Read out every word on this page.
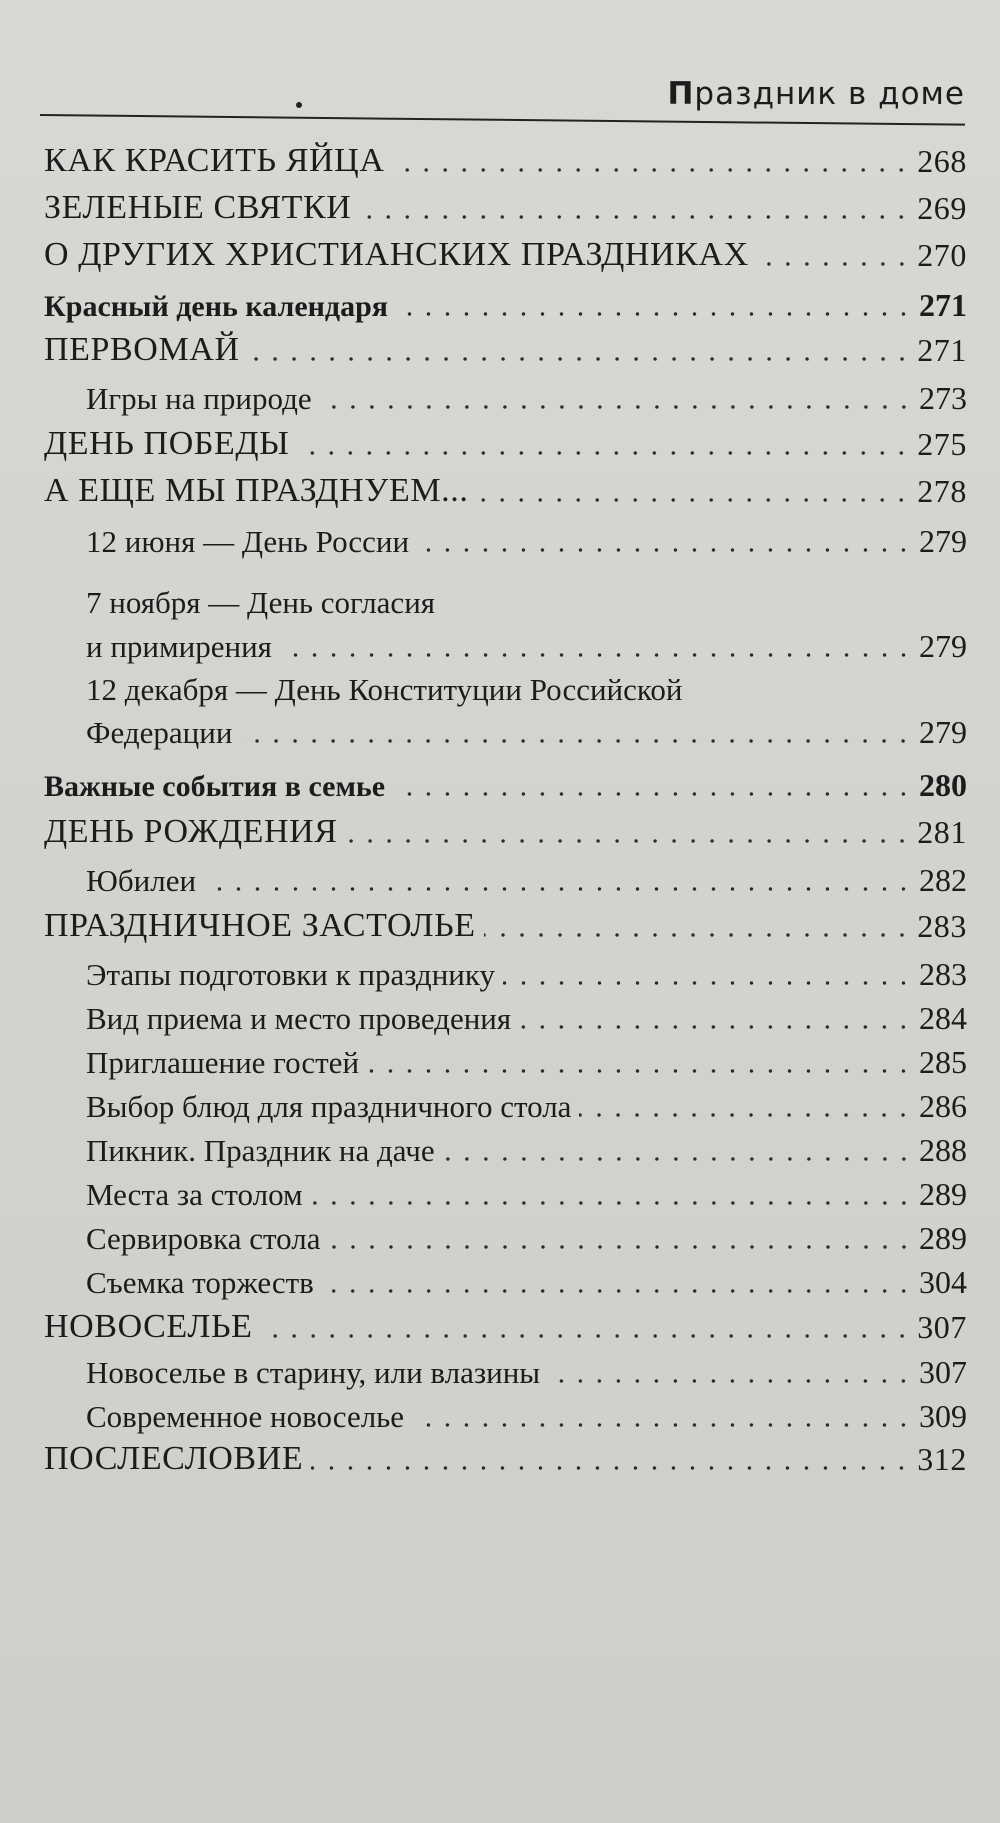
Праздник в доме
КАК КРАСИТЬ ЯЙЦА	268
ЗЕЛЕНЫЕ СВЯТКИ	269
О ДРУГИХ ХРИСТИАНСКИХ ПРАЗДНИКАХ	270
Красный день календаря	271
ПЕРВОМАЙ	271
Игры на природе	273
ДЕНЬ ПОБЕДЫ	275
А ЕЩЕ МЫ ПРАЗДНУЕМ...	278
12 июня — День России	279
7 ноября — День согласия
и примирения	279
12 декабря — День Конституции Российской
Федерации	279
Важные события в семье	280
ДЕНЬ РОЖДЕНИЯ	281
Юбилеи	282
ПРАЗДНИЧНОЕ ЗАСТОЛЬЕ	283
Этапы подготовки к празднику	283
Вид приема и место проведения	284
Приглашение гостей	285
Выбор блюд для праздничного стола	286
Пикник. Праздник на даче	288
Места за столом	289
Сервировка стола	289
Съемка торжеств	304
НОВОСЕЛЬЕ	307
Новоселье в старину, или влазины	307
Современное новоселье	309
ПОСЛЕСЛОВИЕ	312
